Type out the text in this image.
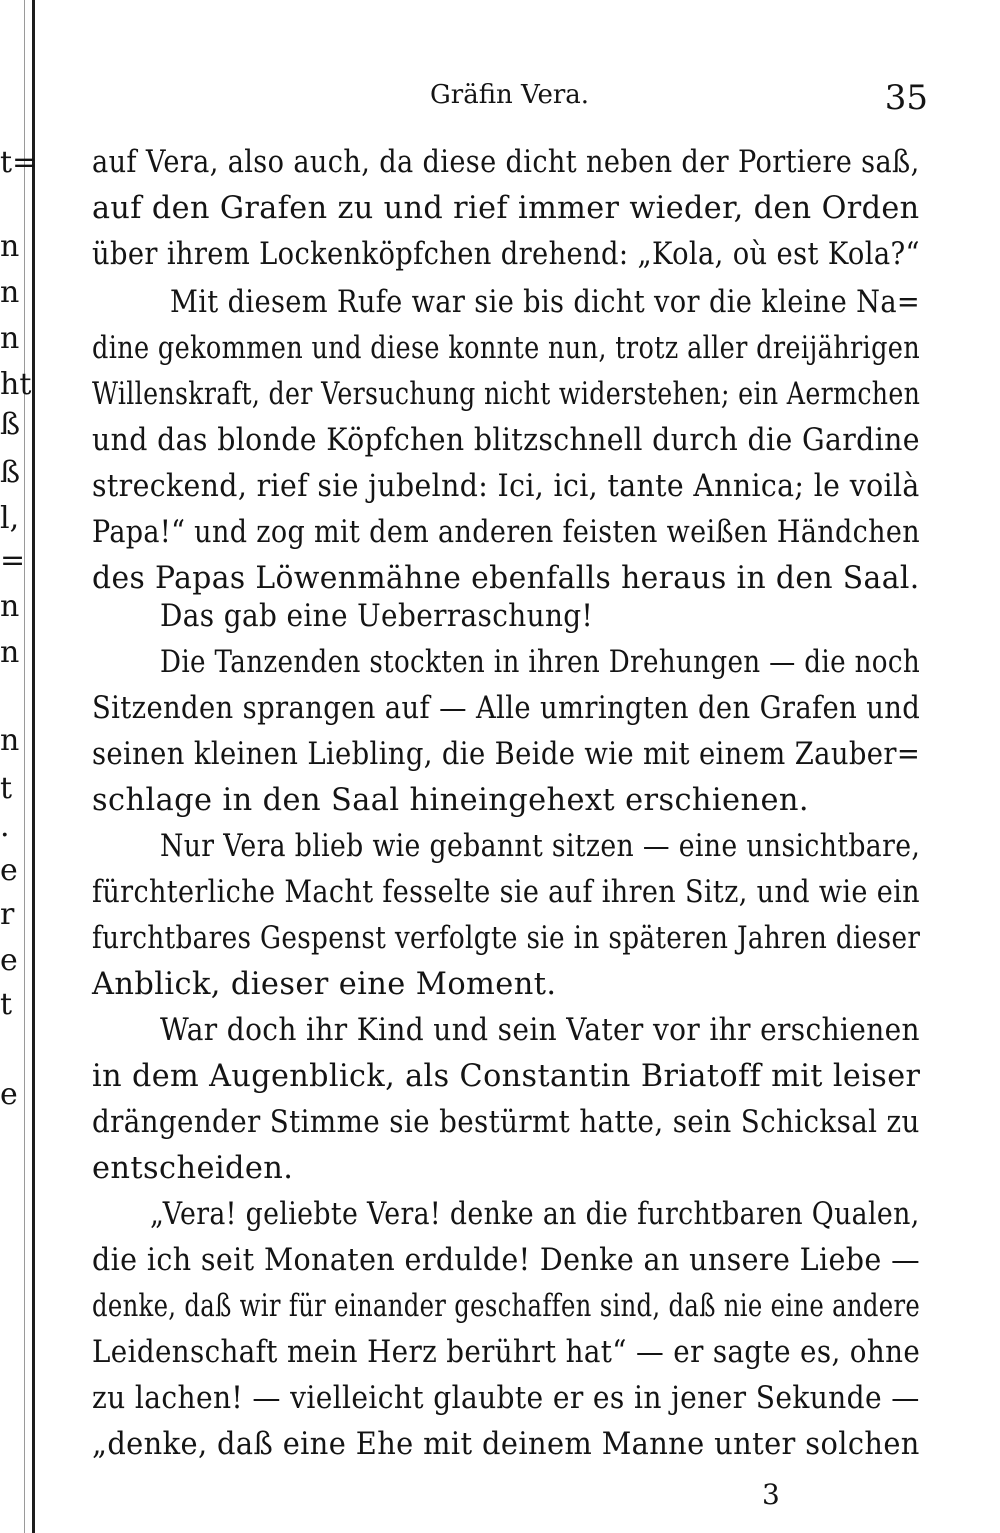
t=
n
n
n
ht
ß
ß
l,
=
n
n
n
t
.
e
r
e
t
e
Gräfin Vera.	35
auf Vera, also auch, da diese dicht neben der Portiere saß,
auf den Grafen zu und rief immer wieder, den Orden
über ihrem Lockenköpfchen drehend: „Kola, où est Kola?“
Mit diesem Rufe war sie bis dicht vor die kleine Na=
dine gekommen und diese konnte nun, trotz aller dreijährigen
Willenskraft, der Versuchung nicht widerstehen; ein Aermchen
und das blonde Köpfchen blitzschnell durch die Gardine
streckend, rief sie jubelnd: Ici, ici, tante Annica; le voilà
Papa!“ und zog mit dem anderen feisten weißen Händchen
des Papas Löwenmähne ebenfalls heraus in den Saal.
Das gab eine Ueberraschung!
Die Tanzenden stockten in ihren Drehungen — die noch
Sitzenden sprangen auf — Alle umringten den Grafen und
seinen kleinen Liebling, die Beide wie mit einem Zauber=
schlage in den Saal hineingehext erschienen.
Nur Vera blieb wie gebannt sitzen — eine unsichtbare,
fürchterliche Macht fesselte sie auf ihren Sitz, und wie ein
furchtbares Gespenst verfolgte sie in späteren Jahren dieser
Anblick, dieser eine Moment.
War doch ihr Kind und sein Vater vor ihr erschienen
in dem Augenblick, als Constantin Briatoff mit leiser
drängender Stimme sie bestürmt hatte, sein Schicksal zu
entscheiden.
„Vera! geliebte Vera! denke an die furchtbaren Qualen,
die ich seit Monaten erdulde! Denke an unsere Liebe —
denke, daß wir für einander geschaffen sind, daß nie eine andere
Leidenschaft mein Herz berührt hat“ — er sagte es, ohne
zu lachen! — vielleicht glaubte er es in jener Sekunde —
„denke, daß eine Ehe mit deinem Manne unter solchen
3
